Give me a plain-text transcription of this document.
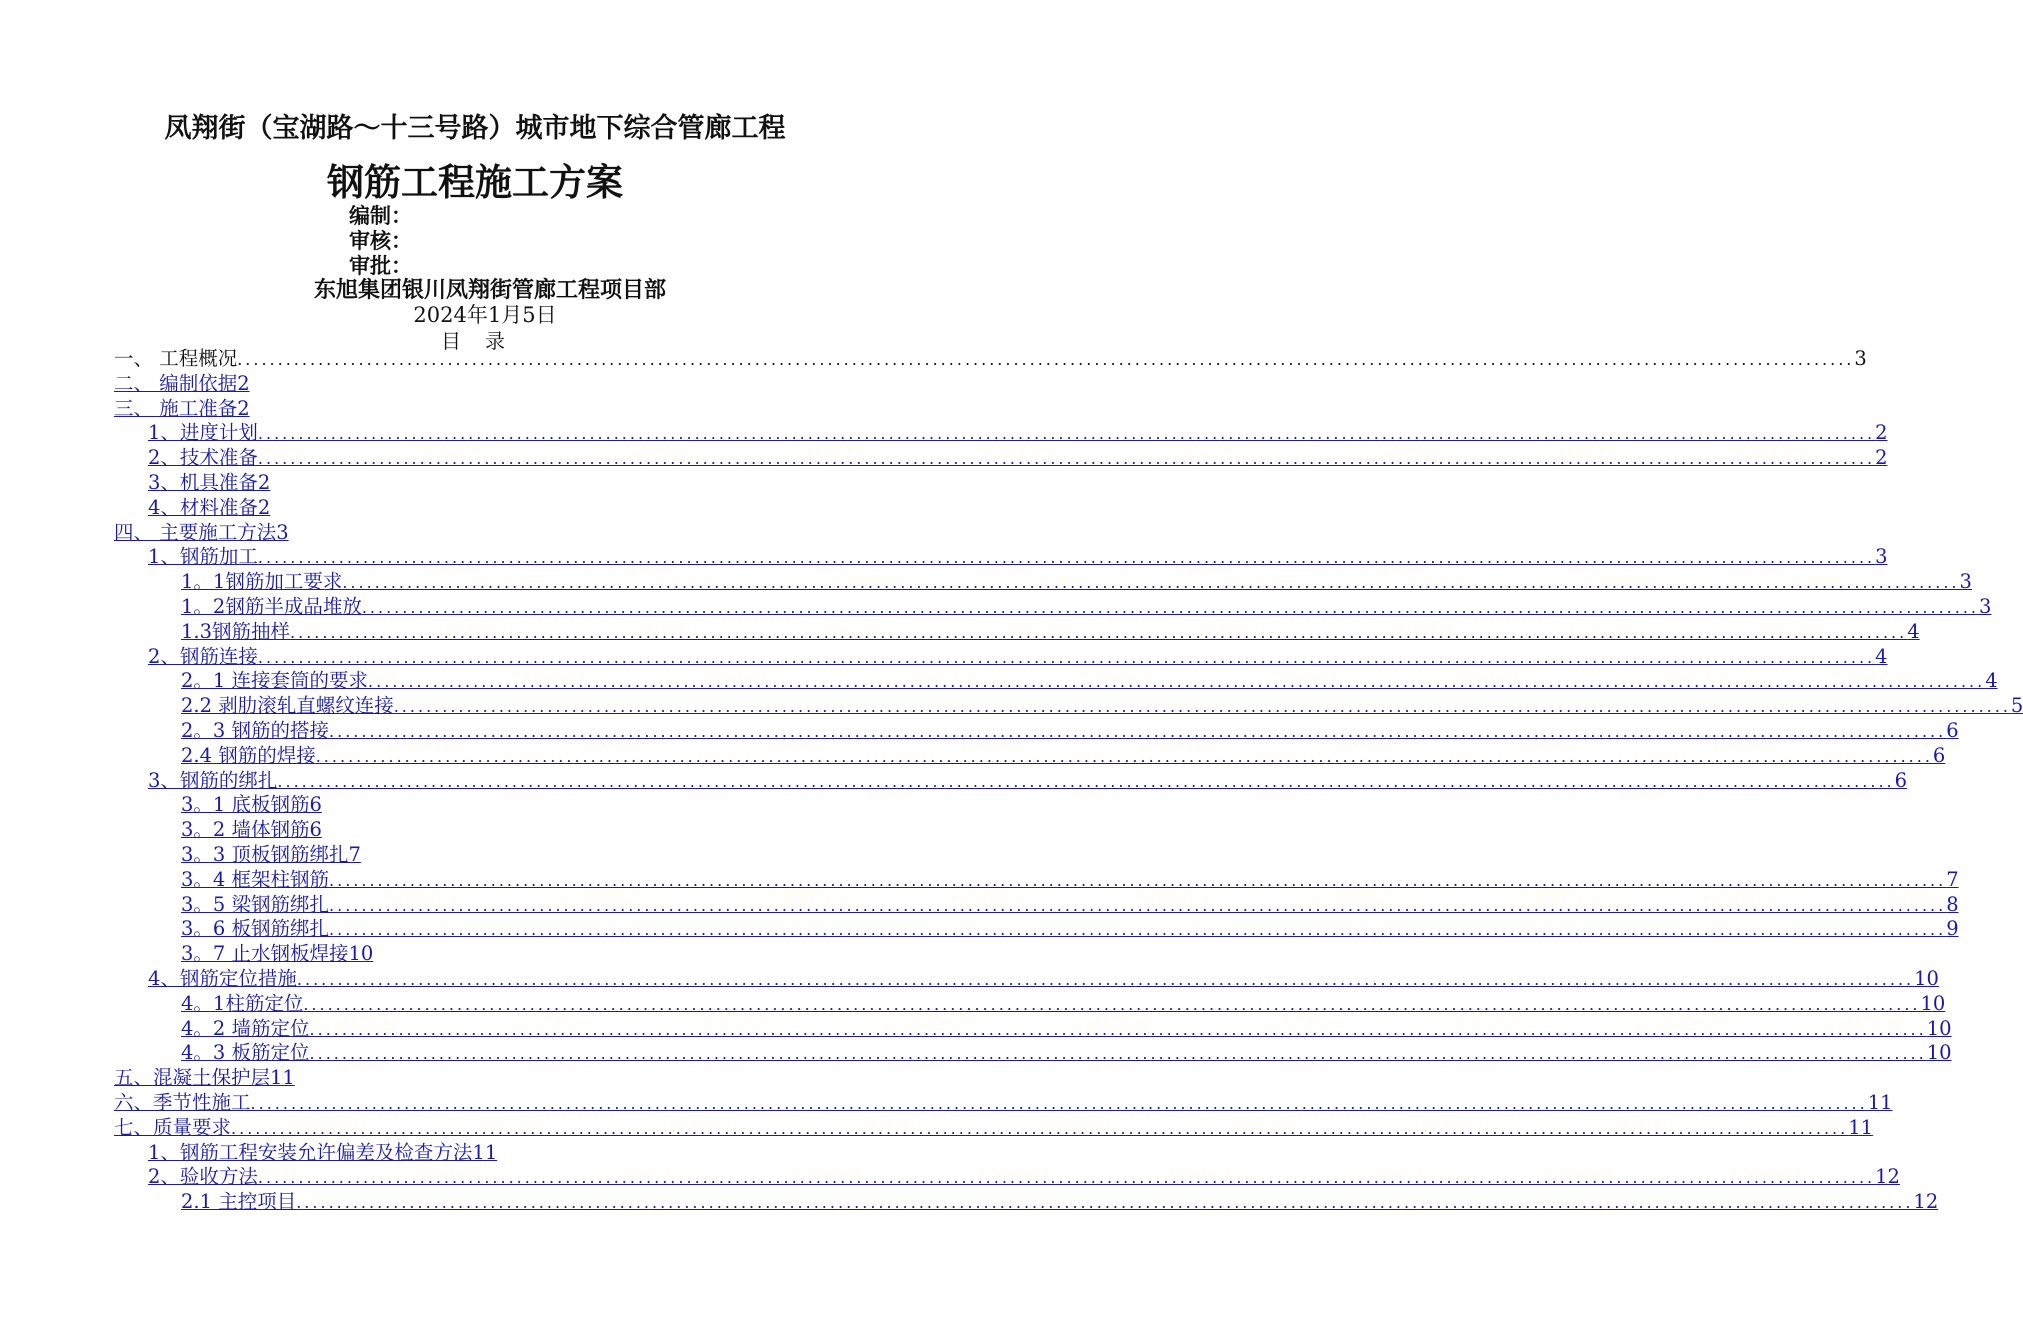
凤翔街（宝湖路～十三号路）城市地下综合管廊工程
钢筋工程施工方案
编制：
审核：
审批：
东旭集团银川凤翔街管廊工程项目部
2024年1月5日
目录
一、 工程概况 ........................................................................................................................................................................................................ 3
二、 编制依据2
三、 施工准备2
1、进度计划 ........................................................................................................................................................................................................ 2
2、技术准备 ........................................................................................................................................................................................................ 2
3、机具准备2
4、材料准备2
四、 主要施工方法3
1、钢筋加工 ........................................................................................................................................................................................................ 3
1。1钢筋加工要求 ........................................................................................................................................................................................................ 3
1。2钢筋半成品堆放 ........................................................................................................................................................................................................ 3
1.3钢筋抽样 ........................................................................................................................................................................................................ 4
2、钢筋连接 ........................................................................................................................................................................................................ 4
2。1 连接套筒的要求 ........................................................................................................................................................................................................ 4
2.2 剥肋滚轧直螺纹连接 ........................................................................................................................................................................................................ 5
2。3 钢筋的搭接 ........................................................................................................................................................................................................ 6
2.4 钢筋的焊接 ........................................................................................................................................................................................................ 6
3、钢筋的绑扎 ........................................................................................................................................................................................................ 6
3。1 底板钢筋6
3。2 墙体钢筋6
3。3 顶板钢筋绑扎7
3。4 框架柱钢筋 ........................................................................................................................................................................................................ 7
3。5 梁钢筋绑扎 ........................................................................................................................................................................................................ 8
3。6 板钢筋绑扎 ........................................................................................................................................................................................................ 9
3。7 止水钢板焊接10
4、钢筋定位措施 ........................................................................................................................................................................................................ 10
4。1柱筋定位 ........................................................................................................................................................................................................ 10
4。2 墙筋定位 ........................................................................................................................................................................................................ 10
4。3 板筋定位 ........................................................................................................................................................................................................ 10
五、混凝土保护层11
六、季节性施工 ........................................................................................................................................................................................................ 11
七、质量要求 ........................................................................................................................................................................................................ 11
1、钢筋工程安装允许偏差及检查方法11
2、验收方法 ........................................................................................................................................................................................................ 12
2.1 主控项目 ........................................................................................................................................................................................................ 12
